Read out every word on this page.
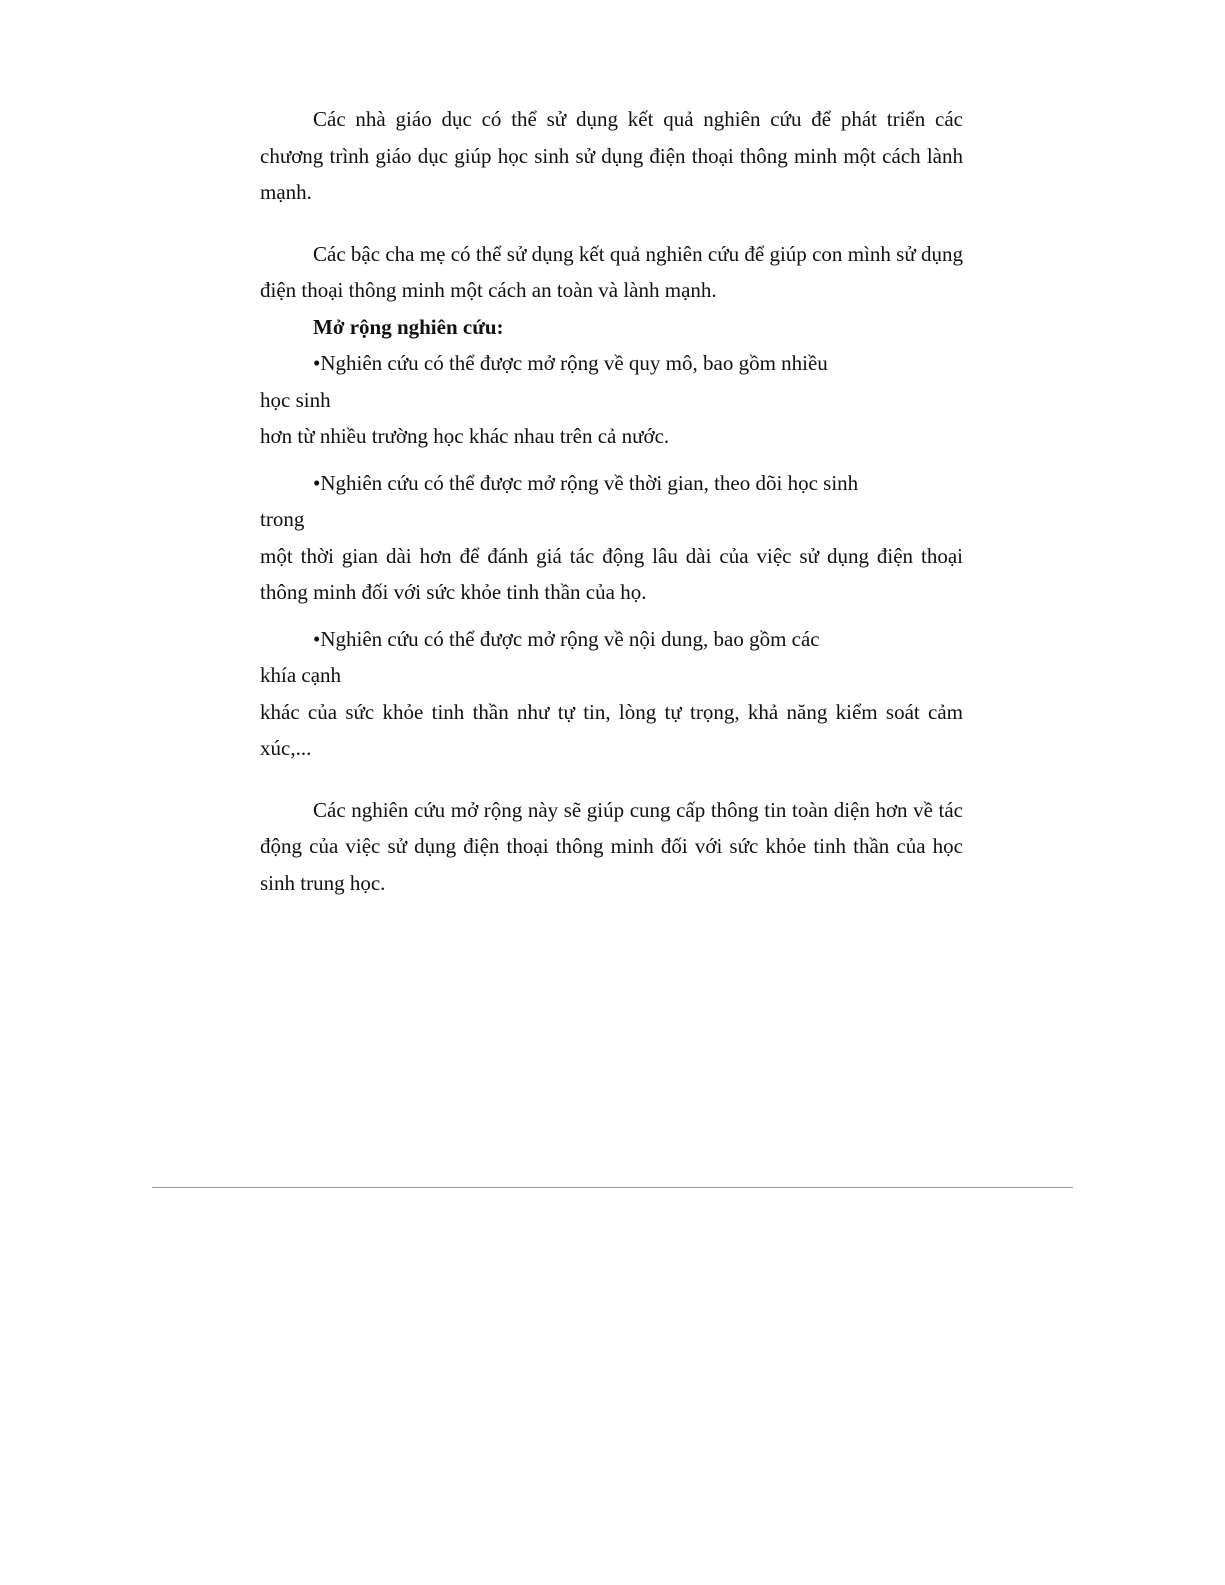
Các nhà giáo dục có thể sử dụng kết quả nghiên cứu để phát triển các chương trình giáo dục giúp học sinh sử dụng điện thoại thông minh một cách lành mạnh.

Các bậc cha mẹ có thể sử dụng kết quả nghiên cứu để giúp con mình sử dụng điện thoại thông minh một cách an toàn và lành mạnh.

Mở rộng nghiên cứu:

•Nghiên cứu có thể được mở rộng về quy mô, bao gồm nhiều học sinh

hơn từ nhiều trường học khác nhau trên cả nước.

•Nghiên cứu có thể được mở rộng về thời gian, theo dõi học sinh trong

một thời gian dài hơn để đánh giá tác động lâu dài của việc sử dụng điện thoại thông minh đối với sức khỏe tinh thần của họ.

•Nghiên cứu có thể được mở rộng về nội dung, bao gồm các khía cạnh

khác của sức khỏe tinh thần như tự tin, lòng tự trọng, khả năng kiểm soát cảm xúc,...

Các nghiên cứu mở rộng này sẽ giúp cung cấp thông tin toàn diện hơn về tác động của việc sử dụng điện thoại thông minh đối với sức khỏe tinh thần của học sinh trung học.
